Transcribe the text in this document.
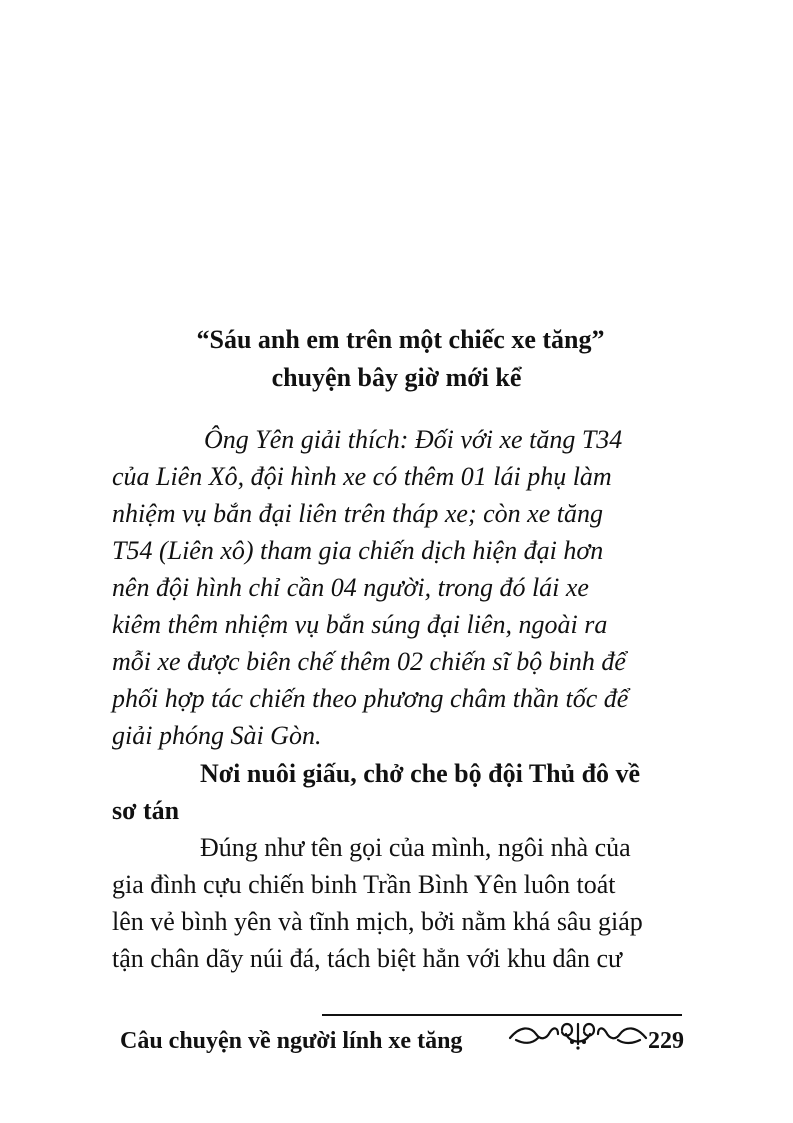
“Sáu anh em trên một chiếc xe tăng”
chuyện bây giờ mới kể
Ông Yên giải thích: Đối với xe tăng T34
của Liên Xô, đội hình xe có thêm 01 lái phụ làm
nhiệm vụ bắn đại liên trên tháp xe; còn xe tăng
T54 (Liên xô) tham gia chiến dịch hiện đại hơn
nên đội hình chỉ cần 04 người, trong đó lái xe
kiêm thêm nhiệm vụ bắn súng đại liên, ngoài ra
mỗi xe được biên chế thêm 02 chiến sĩ bộ binh để
phối hợp tác chiến theo phương châm thần tốc để
giải phóng Sài Gòn.
Nơi nuôi giấu, chở che bộ đội Thủ đô về
sơ tán
Đúng như tên gọi của mình, ngôi nhà của
gia đình cựu chiến binh Trần Bình Yên luôn toát
lên vẻ bình yên và tĩnh mịch, bởi nằm khá sâu giáp
tận chân dãy núi đá, tách biệt hẳn với khu dân cư
Câu chuyện về người lính xe tăng	229
